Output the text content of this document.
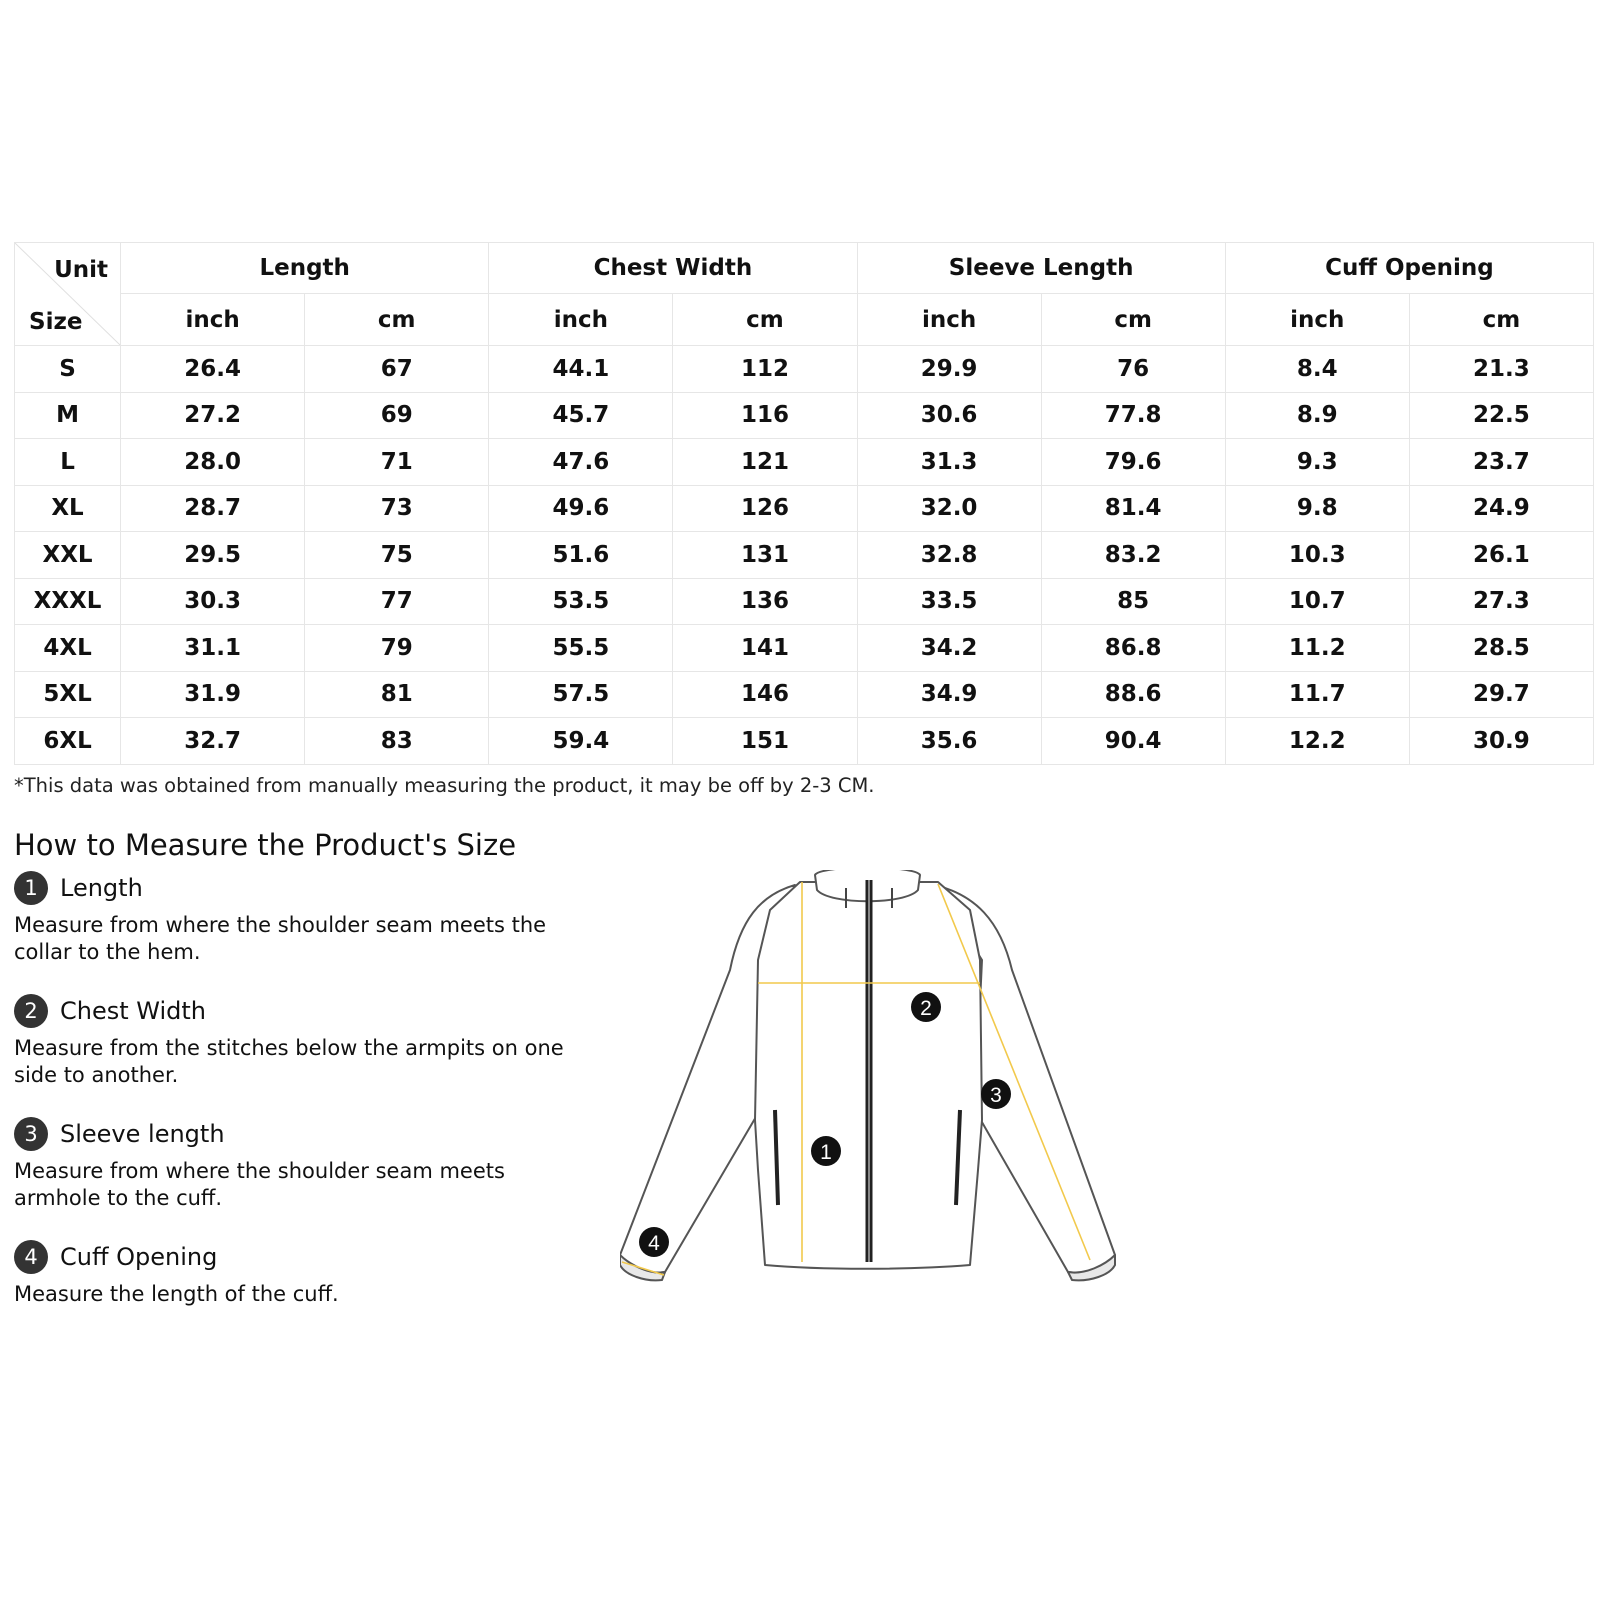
Unit
Size	Length		Chest Width		Sleeve Length		Cuff Opening	
	inch	cm	inch	cm	inch	cm	inch	cm
S	26.4	67	44.1	112	29.9	76	8.4	21.3
M	27.2	69	45.7	116	30.6	77.8	8.9	22.5
L	28.0	71	47.6	121	31.3	79.6	9.3	23.7
XL	28.7	73	49.6	126	32.0	81.4	9.8	24.9
XXL	29.5	75	51.6	131	32.8	83.2	10.3	26.1
XXXL	30.3	77	53.5	136	33.5	85	10.7	27.3
4XL	31.1	79	55.5	141	34.2	86.8	11.2	28.5
5XL	31.9	81	57.5	146	34.9	88.6	11.7	29.7
6XL	32.7	83	59.4	151	35.6	90.4	12.2	30.9
*This data was obtained from manually measuring the product, it may be off by 2-3 CM.
How to Measure the Product's Size
1 Length
Measure from where the shoulder seam meets the
collar to the hem.
2 Chest Width
Measure from the stitches below the armpits on one
side to another.
3 Sleeve length
Measure from where the shoulder seam meets
armhole to the cuff.
4 Cuff Opening
Measure the length of the cuff.
1
2
3
4
